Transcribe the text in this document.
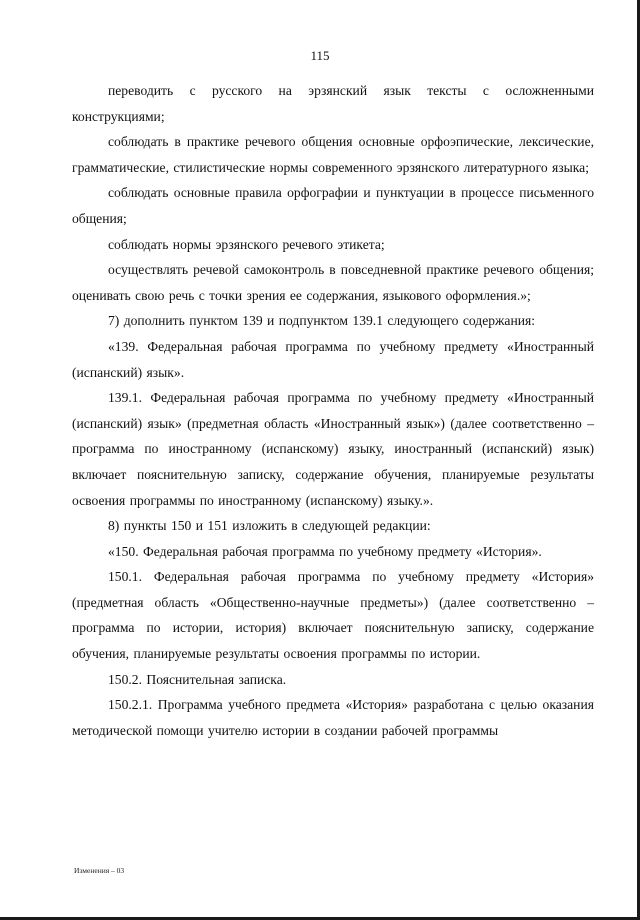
115

переводить с русского на эрзянский язык тексты с осложненными конструкциями;

соблюдать в практике речевого общения основные орфоэпические, лексические, грамматические, стилистические нормы современного эрзянского литературного языка;

соблюдать основные правила орфографии и пунктуации в процессе письменного общения;

соблюдать нормы эрзянского речевого этикета;

осуществлять речевой самоконтроль в повседневной практике речевого общения; оценивать свою речь с точки зрения ее содержания, языкового оформления.»;

7) дополнить пунктом 139 и подпунктом 139.1 следующего содержания:

«139. Федеральная рабочая программа по учебному предмету «Иностранный (испанский) язык».

139.1. Федеральная рабочая программа по учебному предмету «Иностранный (испанский) язык» (предметная область «Иностранный язык») (далее соответственно – программа по иностранному (испанскому) языку, иностранный (испанский) язык) включает пояснительную записку, содержание обучения, планируемые результаты освоения программы по иностранному (испанскому) языку.».

8) пункты 150 и 151 изложить в следующей редакции:

«150. Федеральная рабочая программа по учебному предмету «История».

150.1. Федеральная рабочая программа по учебному предмету «История» (предметная область «Общественно-научные предметы») (далее соответственно – программа по истории, история) включает пояснительную записку, содержание обучения, планируемые результаты освоения программы по истории.

150.2. Пояснительная записка.

150.2.1. Программа учебного предмета «История» разработана с целью оказания методической помощи учителю истории в создании рабочей программы

Изменения – 03
